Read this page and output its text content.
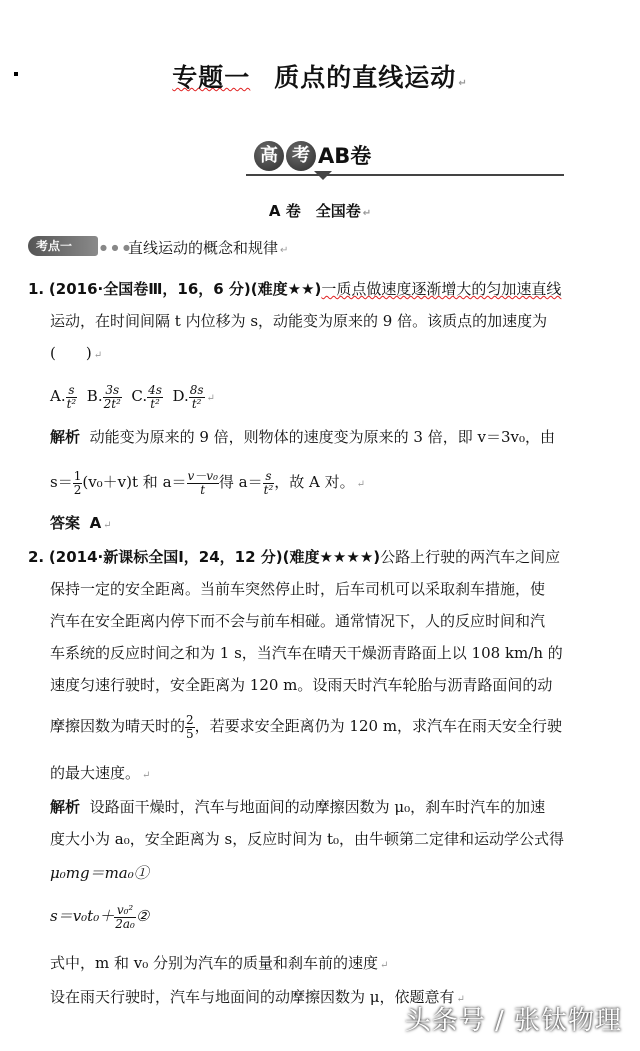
专题一 质点的直线运动 ↵
高 考 AB卷
A 卷　全国卷 ↵
考点一	● ● ●
直线运动的概念和规律 ↵
1. (2016·全国卷Ⅲ，16，6 分)(难度★★)一质点做速度逐渐增大的匀加速直线
运动，在时间间隔 t 内位移为 s，动能变为原来的 9 倍。该质点的加速度为
(　　) ↵
A. $\frac{s}{\text{t²}} B$. $\frac{3s}{\text{2t²}} C$. $\frac{4s}{\text{t²}} D$. $\frac{8s}{\text{t²}}$ ↵
解析 动能变为原来的 9 倍，则物体的速度变为原来的 3 倍，即 v＝3v₀，由
$s= \frac{1}{2} (v_0+v)t$ 和 $a= \frac{\text{v－v₀}}{t}$ 得 $a= \frac{s}{\text{t²}}$ ，故 A 对。 ↵
答案 A ↵
2. (2014·新课标全国Ⅰ，24，12 分)(难度★★★★)公路上行驶的两汽车之间应
保持一定的安全距离。当前车突然停止时，后车司机可以采取刹车措施，使
汽车在安全距离内停下而不会与前车相碰。通常情况下，人的反应时间和汽
车系统的反应时间之和为 1 s，当汽车在晴天干燥沥青路面上以 108 km/h 的
速度匀速行驶时，安全距离为 120 m。设雨天时汽车轮胎与沥青路面间的动
摩擦因数为晴天时的 $\frac{2}{5}$ ，若要求安全距离仍为 120 m，求汽车在雨天安全行驶
的最大速度。 ↵
解析 设路面干燥时，汽车与地面间的动摩擦因数为 μ₀，刹车时汽车的加速
度大小为 a₀，安全距离为 s，反应时间为 t₀，由牛顿第二定律和运动学公式得
μ₀mg＝ma₀①
$s=v_0t_0+ \frac{\text{v₀²}}{\text{2a₀}}$ ②
式中，m 和 v₀ 分别为汽车的质量和刹车前的速度 ↵
设在雨天行驶时，汽车与地面间的动摩擦因数为 μ，依题意有 ↵
头条号 / 张钛物理
